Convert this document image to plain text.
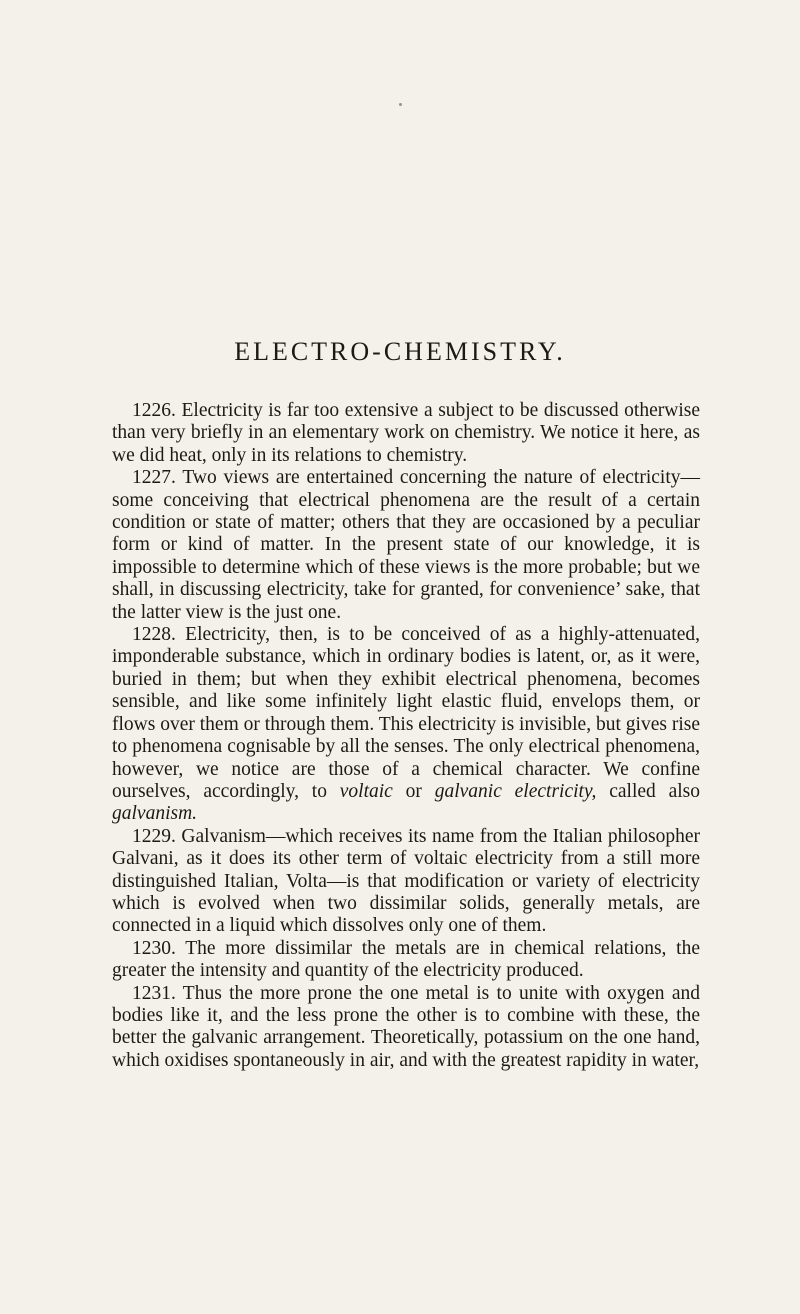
ELECTRO-CHEMISTRY.

1226. Electricity is far too extensive a subject to be discussed otherwise than very briefly in an elementary work on chemistry. We notice it here, as we did heat, only in its relations to chemistry.

1227. Two views are entertained concerning the nature of electricity—some conceiving that electrical phenomena are the result of a certain condition or state of matter; others that they are occasioned by a peculiar form or kind of matter. In the present state of our knowledge, it is impossible to determine which of these views is the more probable; but we shall, in discussing electricity, take for granted, for convenience’ sake, that the latter view is the just one.

1228. Electricity, then, is to be conceived of as a highly-attenuated, imponderable substance, which in ordinary bodies is latent, or, as it were, buried in them; but when they exhibit electrical phenomena, becomes sensible, and like some infinitely light elastic fluid, envelops them, or flows over them or through them. This electricity is invisible, but gives rise to phenomena cognisable by all the senses. The only electrical phenomena, however, we notice are those of a chemical character. We confine ourselves, accordingly, to voltaic or galvanic electricity, called also galvanism.

1229. Galvanism—which receives its name from the Italian philosopher Galvani, as it does its other term of voltaic electricity from a still more distinguished Italian, Volta—is that modification or variety of electricity which is evolved when two dissimilar solids, generally metals, are connected in a liquid which dissolves only one of them.

1230. The more dissimilar the metals are in chemical relations, the greater the intensity and quantity of the electricity produced.

1231. Thus the more prone the one metal is to unite with oxygen and bodies like it, and the less prone the other is to combine with these, the better the galvanic arrangement. Theoretically, potassium on the one hand, which oxidises spontaneously in air, and with the greatest rapidity in water,
